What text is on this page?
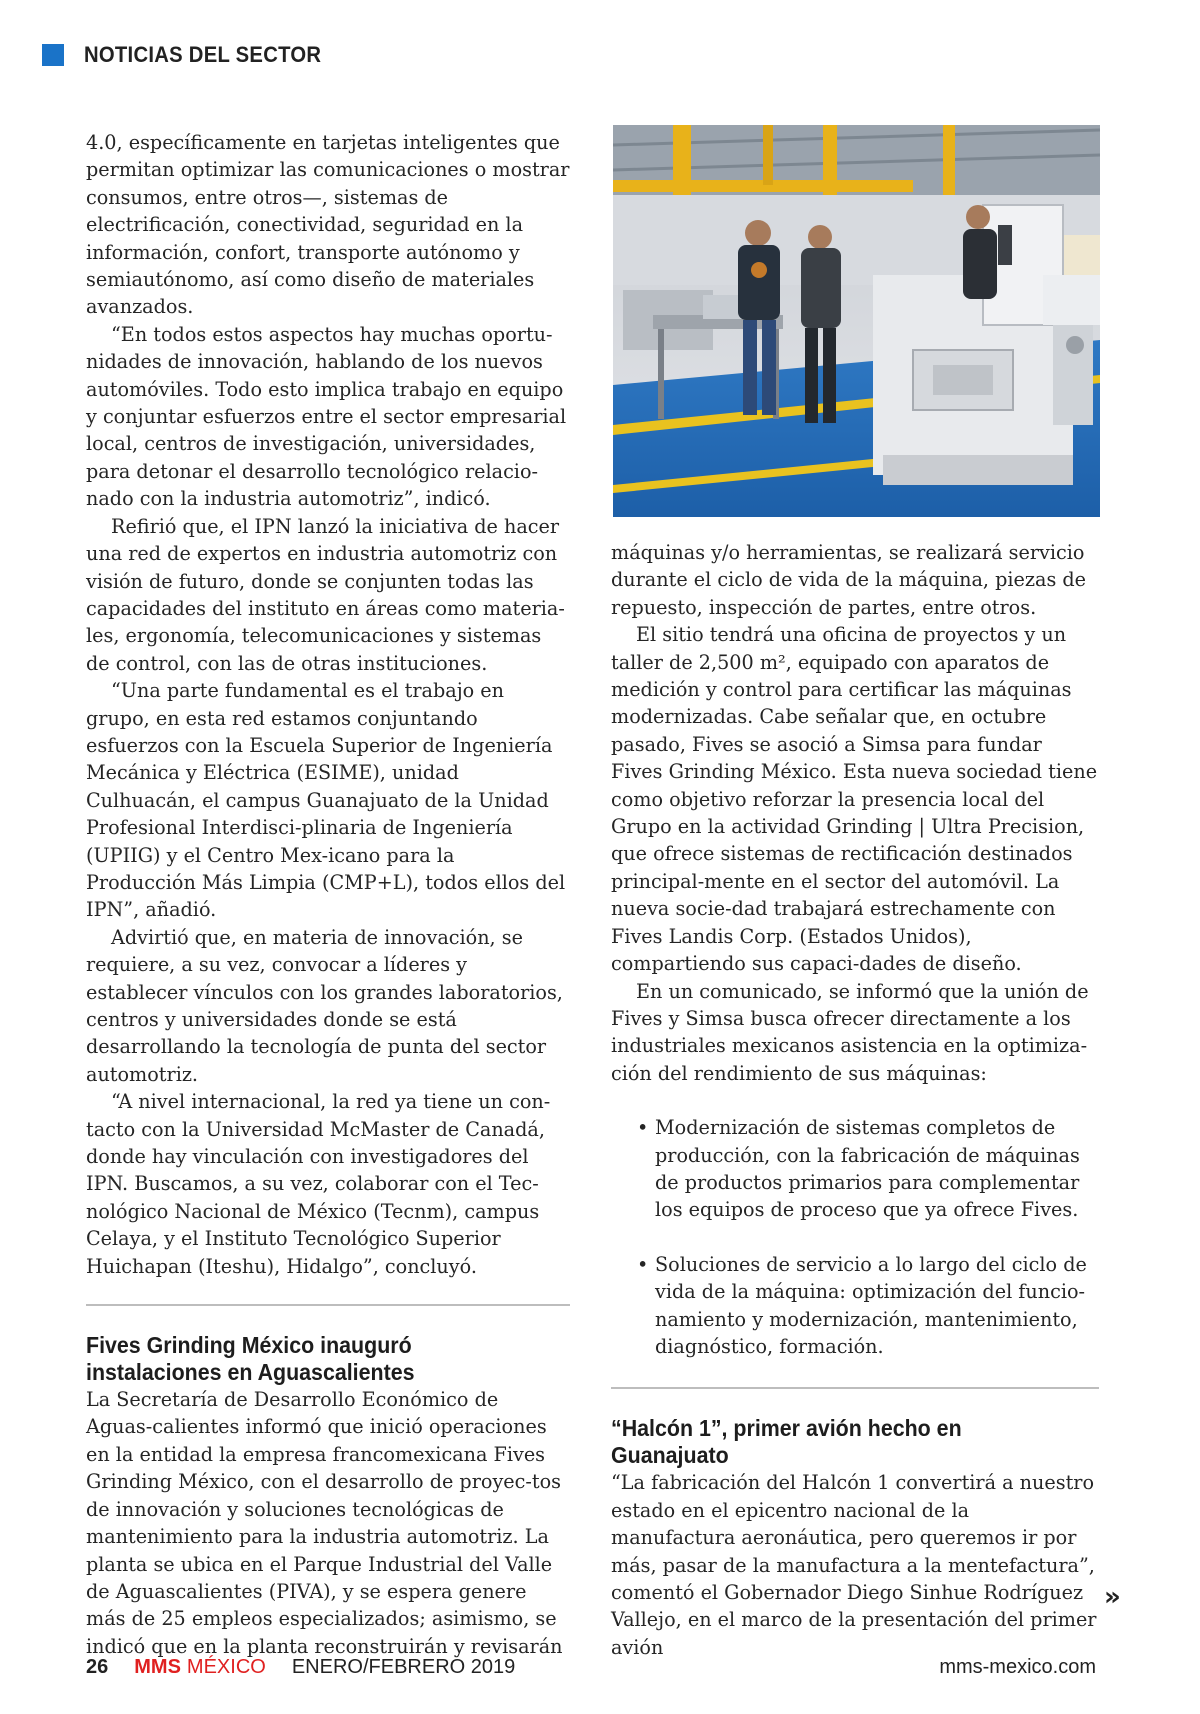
NOTICIAS DEL SECTOR

4.0, específicamente en tarjetas inteligentes que permitan optimizar las comunicaciones o mostrar consumos, entre otros—, sistemas de electrificación, conectividad, seguridad en la información, confort, transporte autónomo y semiautónomo, así como diseño de materiales avanzados.

“En todos estos aspectos hay muchas oportu-nidades de innovación, hablando de los nuevos automóviles. Todo esto implica trabajo en equipo y conjuntar esfuerzos entre el sector empresarial local, centros de investigación, universidades, para detonar el desarrollo tecnológico relacio-nado con la industria automotriz”, indicó.

Refirió que, el IPN lanzó la iniciativa de hacer una red de expertos en industria automotriz con visión de futuro, donde se conjunten todas las capacidades del instituto en áreas como materia-les, ergonomía, telecomunicaciones y sistemas de control, con las de otras instituciones.

“Una parte fundamental es el trabajo en grupo, en esta red estamos conjuntando esfuerzos con la Escuela Superior de Ingeniería Mecánica y Eléctrica (ESIME), unidad Culhuacán, el campus Guanajuato de la Unidad Profesional Interdisci-plinaria de Ingeniería (UPIIG) y el Centro Mex-icano para la Producción Más Limpia (CMP+L), todos ellos del IPN”, añadió.

Advirtió que, en materia de innovación, se requiere, a su vez, convocar a líderes y establecer vínculos con los grandes laboratorios, centros y universidades donde se está desarrollando la tecnología de punta del sector automotriz.

“A nivel internacional, la red ya tiene un con-tacto con la Universidad McMaster de Canadá, donde hay vinculación con investigadores del IPN. Buscamos, a su vez, colaborar con el Tec-nológico Nacional de México (Tecnm), campus Celaya, y el Instituto Tecnológico Superior Huichapan (Iteshu), Hidalgo”, concluyó.

Fives Grinding México inauguró instalaciones en Aguascalientes

La Secretaría de Desarrollo Económico de Aguas-calientes informó que inició operaciones en la entidad la empresa francomexicana Fives Grinding México, con el desarrollo de proyec-tos de innovación y soluciones tecnológicas de mantenimiento para la industria automotriz. La planta se ubica en el Parque Industrial del Valle de Aguascalientes (PIVA), y se espera genere más de 25 empleos especializados; asimismo, se indicó que en la planta reconstruirán y revisarán

máquinas y/o herramientas, se realizará servicio durante el ciclo de vida de la máquina, piezas de repuesto, inspección de partes, entre otros.

El sitio tendrá una oficina de proyectos y un taller de 2,500 m², equipado con aparatos de medición y control para certificar las máquinas modernizadas. Cabe señalar que, en octubre pasado, Fives se asoció a Simsa para fundar Fives Grinding México. Esta nueva sociedad tiene como objetivo reforzar la presencia local del Grupo en la actividad Grinding | Ultra Precision, que ofrece sistemas de rectificación destinados principal-mente en el sector del automóvil. La nueva socie-dad trabajará estrechamente con Fives Landis Corp. (Estados Unidos), compartiendo sus capaci-dades de diseño.

En un comunicado, se informó que la unión de Fives y Simsa busca ofrecer directamente a los industriales mexicanos asistencia en la optimiza-ción del rendimiento de sus máquinas:

• Modernización de sistemas completos de producción, con la fabricación de máquinas de productos primarios para complementar los equipos de proceso que ya ofrece Fives.
• Soluciones de servicio a lo largo del ciclo de vida de la máquina: optimización del funcio-namiento y modernización, mantenimiento, diagnóstico, formación.
“Halcón 1”, primer avión hecho en Guanajuato

“La fabricación del Halcón 1 convertirá a nuestro estado en el epicentro nacional de la manufactura aeronáutica, pero queremos ir por más, pasar de la manufactura a la mentefactura”, comentó el Gobernador Diego Sinhue Rodríguez Vallejo, en el marco de la presentación del primer avión

»
26 MMS MÉXICO ENERO/FEBRERO 2019	mms-mexico.com
